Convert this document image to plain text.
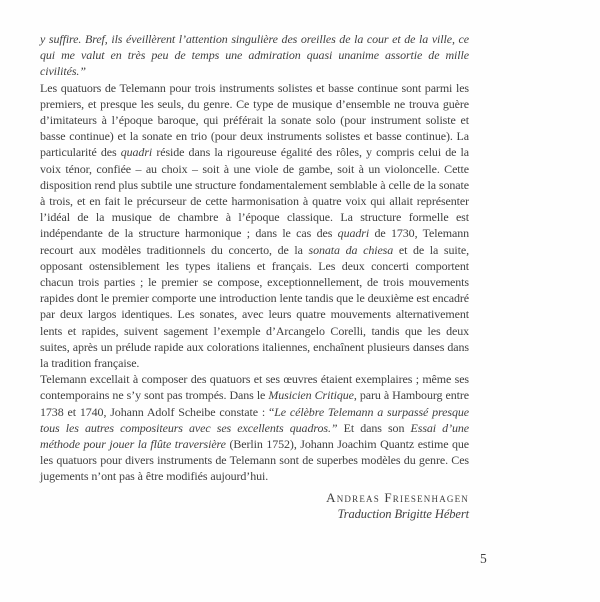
y suffire. Bref, ils éveillèrent l’attention singulière des oreilles de la cour et de la ville, ce qui me valut en très peu de temps une admiration quasi unanime assortie de mille civilités.”

Les quatuors de Telemann pour trois instruments solistes et basse continue sont parmi les premiers, et presque les seuls, du genre. Ce type de musique d’ensemble ne trouva guère d’imitateurs à l’époque baroque, qui préférait la sonate solo (pour instrument soliste et basse continue) et la sonate en trio (pour deux instruments solistes et basse continue). La particularité des quadri réside dans la rigoureuse égalité des rôles, y compris celui de la voix ténor, confiée – au choix – soit à une viole de gambe, soit à un violoncelle. Cette disposition rend plus subtile une structure fondamentalement semblable à celle de la sonate à trois, et en fait le précurseur de cette harmonisation à quatre voix qui allait représenter l’idéal de la musique de chambre à l’époque classique. La structure formelle est indépendante de la structure harmonique ; dans le cas des quadri de 1730, Telemann recourt aux modèles traditionnels du concerto, de la sonata da chiesa et de la suite, opposant ostensiblement les types italiens et français. Les deux concerti comportent chacun trois parties ; le premier se compose, exceptionnellement, de trois mouvements rapides dont le premier comporte une introduction lente tandis que le deuxième est encadré par deux largos identiques. Les sonates, avec leurs quatre mouvements alternativement lents et rapides, suivent sagement l’exemple d’Arcangelo Corelli, tandis que les deux suites, après un prélude rapide aux colorations italiennes, enchaînent plusieurs danses dans la tradition française.

Telemann excellait à composer des quatuors et ses œuvres étaient exemplaires ; même ses contemporains ne s’y sont pas trompés. Dans le Musicien Critique, paru à Hambourg entre 1738 et 1740, Johann Adolf Scheibe constate : “Le célèbre Telemann a surpassé presque tous les autres compositeurs avec ses excellents quadros.” Et dans son Essai d’une méthode pour jouer la flûte traversière (Berlin 1752), Johann Joachim Quantz estime que les quatuors pour divers instruments de Telemann sont de superbes modèles du genre. Ces jugements n’ont pas à être modifiés aujourd’hui.

Andreas Friesenhagen
Traduction Brigitte Hébert
5
